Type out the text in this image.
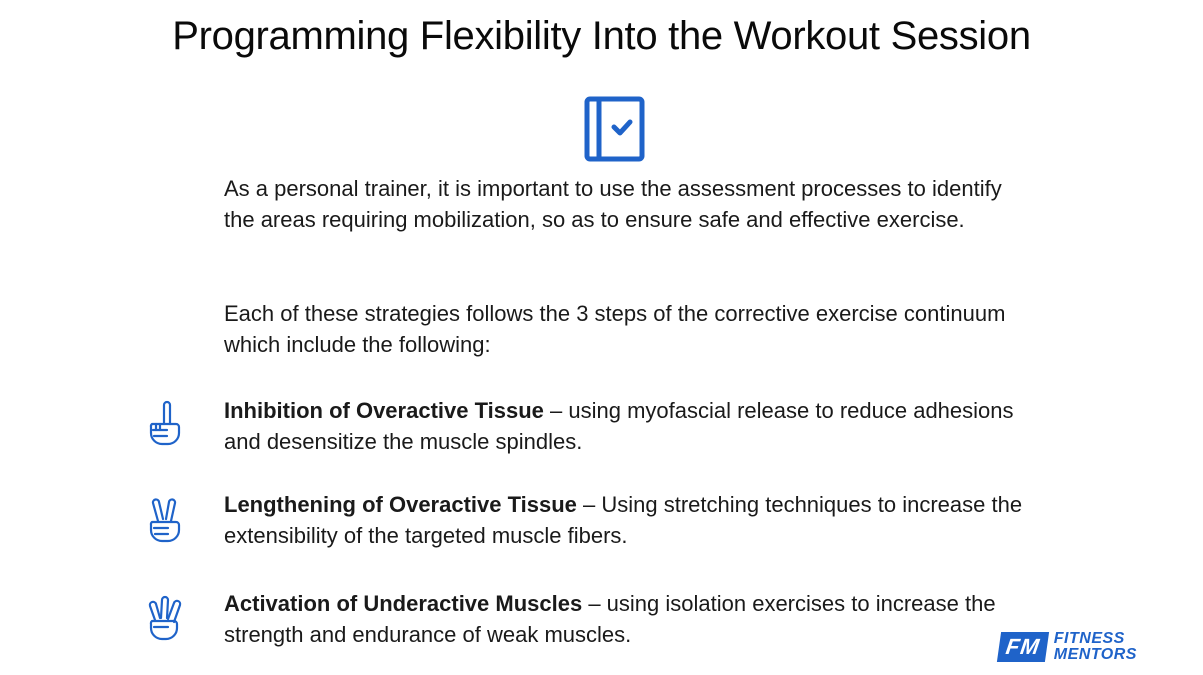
Programming Flexibility Into the Workout Session

As a personal trainer, it is important to use the assessment processes to identify the areas requiring mobilization, so as to ensure safe and effective exercise.

Each of these strategies follows the 3 steps of the corrective exercise continuum which include the following:

Inhibition of Overactive Tissue – using myofascial release to reduce adhesions and desensitize the muscle spindles.
Lengthening of Overactive Tissue – Using stretching techniques to increase the extensibility of the targeted muscle fibers.
Activation of Underactive Muscles – using isolation exercises to increase the strength and endurance of weak muscles.	FM FITNESS
MENTORS
